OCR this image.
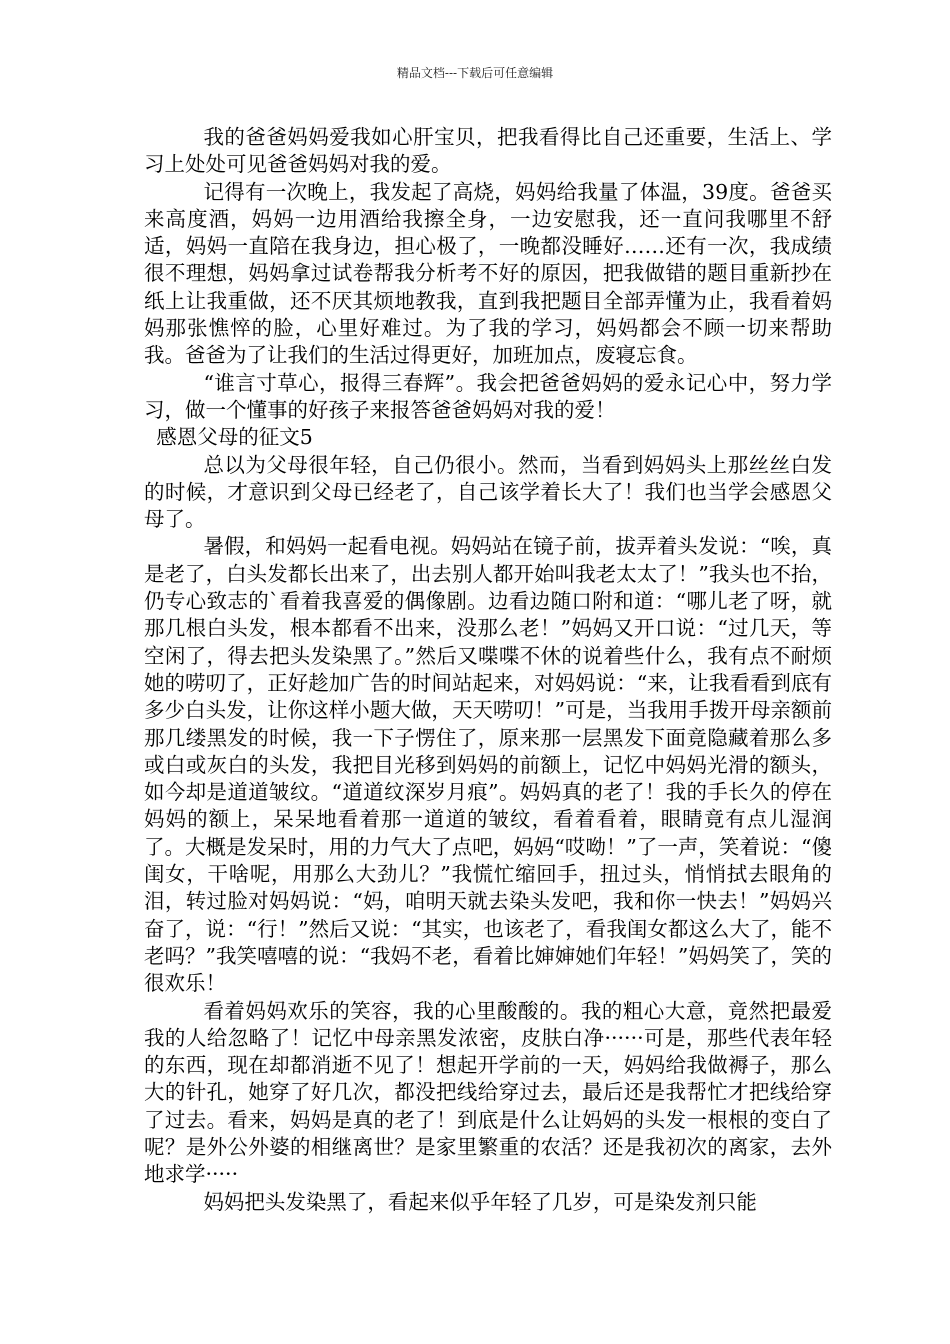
精品文档---下载后可任意编辑

我的爸爸妈妈爱我如心肝宝贝，把我看得比自己还重要，生活上、学习上处处可见爸爸妈妈对我的爱。

记得有一次晚上，我发起了高烧，妈妈给我量了体温，39度。爸爸买来高度酒，妈妈一边用酒给我擦全身，一边安慰我，还一直问我哪里不舒适，妈妈一直陪在我身边，担心极了，一晚都没睡好……还有一次，我成绩很不理想，妈妈拿过试卷帮我分析考不好的原因，把我做错的题目重新抄在纸上让我重做，还不厌其烦地教我，直到我把题目全部弄懂为止，我看着妈妈那张憔悴的脸，心里好难过。为了我的学习，妈妈都会不顾一切来帮助我。爸爸为了让我们的生活过得更好，加班加点，废寝忘食。

“谁言寸草心，报得三春辉”。我会把爸爸妈妈的爱永记心中，努力学习，做一个懂事的好孩子来报答爸爸妈妈对我的爱！

感恩父母的征文5

总以为父母很年轻，自己仍很小。然而，当看到妈妈头上那丝丝白发的时候，才意识到父母已经老了，自己该学着长大了！我们也当学会感恩父母了。

暑假，和妈妈一起看电视。妈妈站在镜子前，拔弄着头发说：“唉，真是老了，白头发都长出来了，出去别人都开始叫我老太太了！”我头也不抬，仍专心致志的`看着我喜爱的偶像剧。边看边随口附和道：“哪儿老了呀，就那几根白头发，根本都看不出来，没那么老！”妈妈又开口说：“过几天，等空闲了，得去把头发染黑了。”然后又喋喋不休的说着些什么，我有点不耐烦她的唠叨了，正好趁加广告的时间站起来，对妈妈说：“来，让我看看到底有多少白头发，让你这样小题大做，天天唠叨！”可是，当我用手拨开母亲额前那几缕黑发的时候，我一下子愣住了，原来那一层黑发下面竟隐藏着那么多或白或灰白的头发，我把目光移到妈妈的前额上，记忆中妈妈光滑的额头，如今却是道道皱纹。“道道纹深岁月痕”。妈妈真的老了！我的手长久的停在妈妈的额上，呆呆地看着那一道道的皱纹，看着看着，眼睛竟有点儿湿润了。大概是发呆时，用的力气大了点吧，妈妈“哎呦！”了一声，笑着说：“傻闺女，干啥呢，用那么大劲儿？”我慌忙缩回手，扭过头，悄悄拭去眼角的泪，转过脸对妈妈说：“妈，咱明天就去染头发吧，我和你一快去！”妈妈兴奋了，说：“行！”然后又说：“其实，也该老了，看我闺女都这么大了，能不老吗？”我笑嘻嘻的说：“我妈不老，看着比婶婶她们年轻！”妈妈笑了，笑的很欢乐！

看着妈妈欢乐的笑容，我的心里酸酸的。我的粗心大意，竟然把最爱我的人给忽略了！记忆中母亲黑发浓密，皮肤白净······可是，那些代表年轻的东西，现在却都消逝不见了！想起开学前的一天，妈妈给我做褥子，那么大的针孔，她穿了好几次，都没把线给穿过去，最后还是我帮忙才把线给穿了过去。看来，妈妈是真的老了！到底是什么让妈妈的头发一根根的变白了呢？是外公外婆的相继离世？是家里繁重的农活？还是我初次的离家，去外地求学·····

妈妈把头发染黑了，看起来似乎年轻了几岁，可是染发剂只能
